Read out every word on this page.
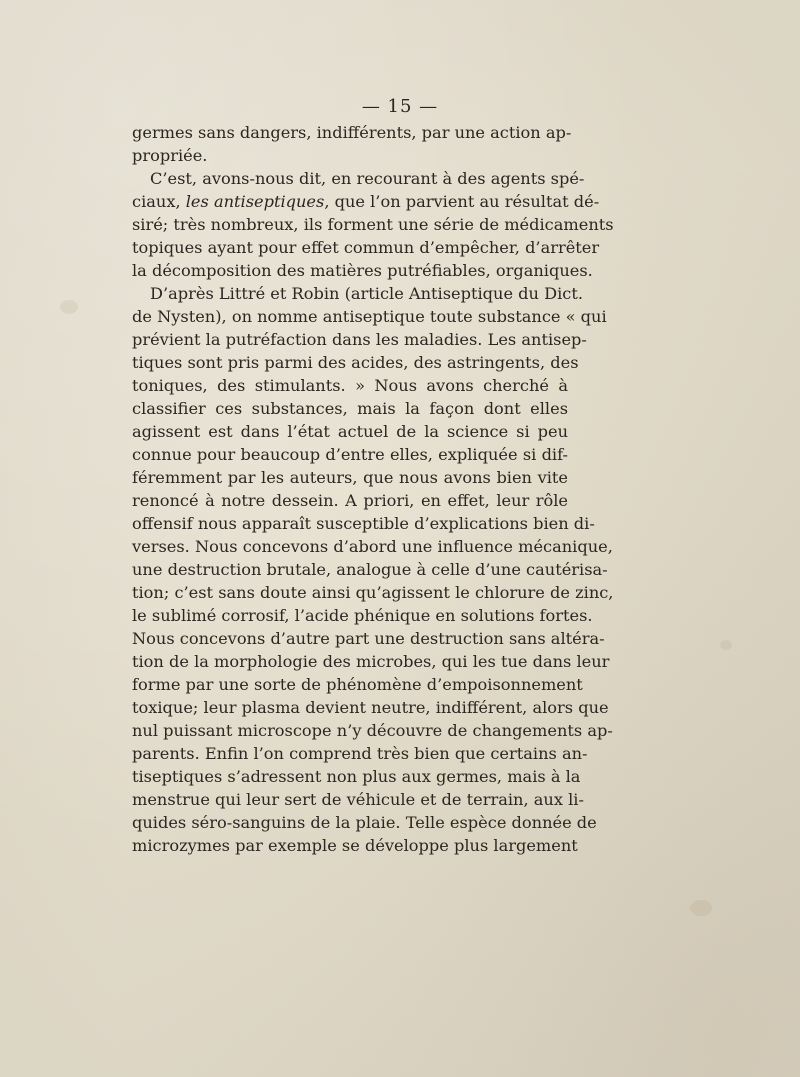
— 15 —
germes sans dangers, indifférents, par une action ap-
propriée.
C’est, avons-nous dit, en recourant à des agents spé-
ciaux, les antiseptiques, que l’on parvient au résultat dé-
siré; très nombreux, ils forment une série de médicaments
topiques ayant pour effet commun d’empêcher, d’arrêter
la décomposition des matières putréfiables, organiques.
D’après Littré et Robin (article Antiseptique du Dict.
de Nysten), on nomme antiseptique toute substance « qui
prévient la putréfaction dans les maladies. Les antisep-
tiques sont pris parmi des acides, des astringents, des
toniques, des stimulants. » Nous avons cherché à
classifier ces substances, mais la façon dont elles
agissent est dans l’état actuel de la science si peu
connue pour beaucoup d’entre elles, expliquée si dif-
féremment par les auteurs, que nous avons bien vite
renoncé à notre dessein. A priori, en effet, leur rôle
offensif nous apparaît susceptible d’explications bien di-
verses. Nous concevons d’abord une influence mécanique,
une destruction brutale, analogue à celle d’une cautérisa-
tion; c’est sans doute ainsi qu’agissent le chlorure de zinc,
le sublimé corrosif, l’acide phénique en solutions fortes.
Nous concevons d’autre part une destruction sans altéra-
tion de la morphologie des microbes, qui les tue dans leur
forme par une sorte de phénomène d’empoisonnement
toxique; leur plasma devient neutre, indifférent, alors que
nul puissant microscope n’y découvre de changements ap-
parents. Enfin l’on comprend très bien que certains an-
tiseptiques s’adressent non plus aux germes, mais à la
menstrue qui leur sert de véhicule et de terrain, aux li-
quides séro-sanguins de la plaie. Telle espèce donnée de
microzymes par exemple se développe plus largement
